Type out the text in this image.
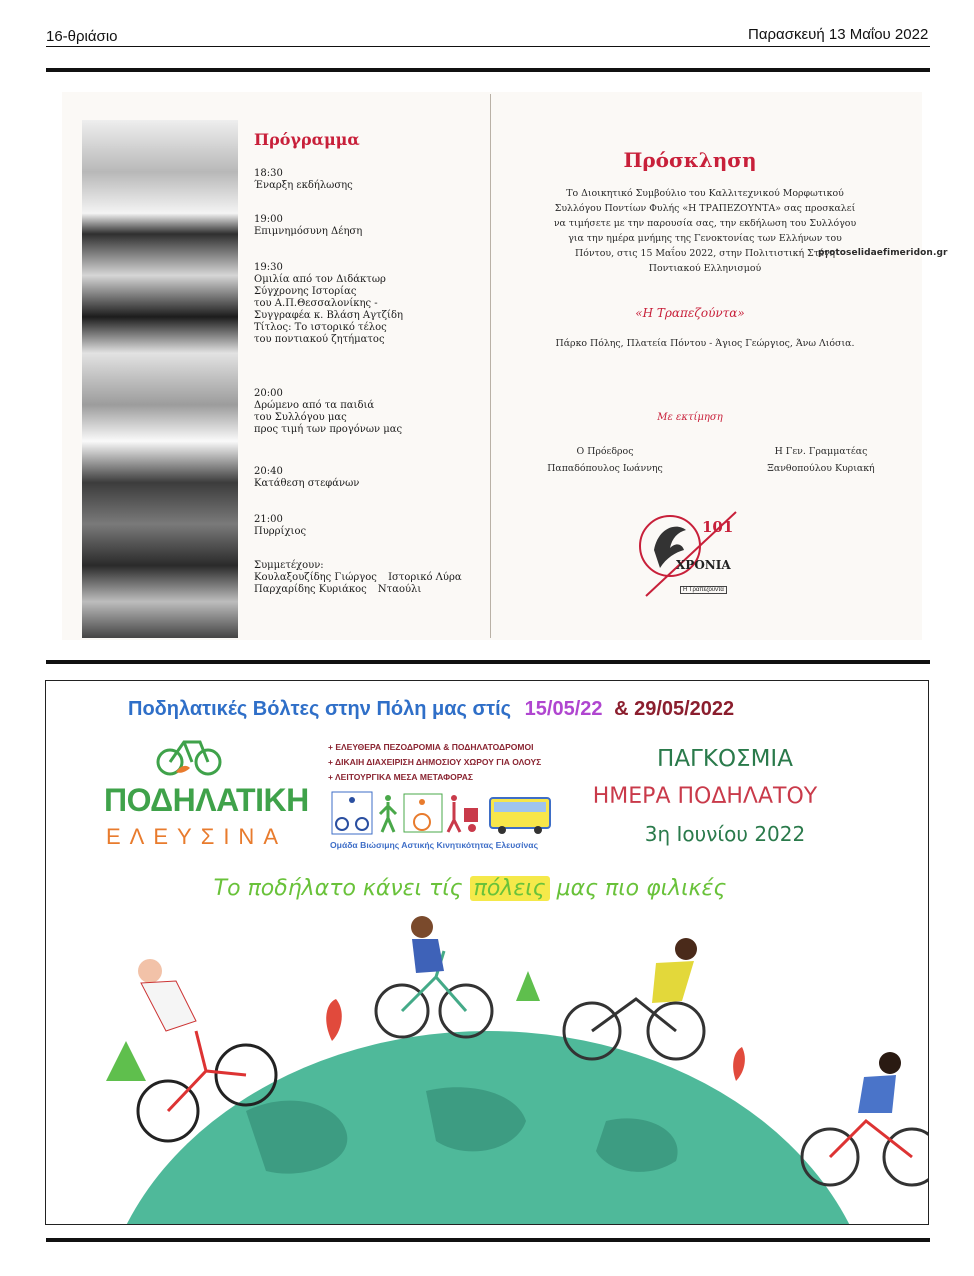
16-θριάσιο	Παρασκευή 13 Μαΐου 2022
Πρόγραμμα
18:30
Έναρξη εκδήλωσης
19:00
Επιμνημόσυνη Δέηση
19:30
Ομιλία από τον Διδάκτωρ
Σύγχρονης Ιστορίας
του Α.Π.Θεσσαλονίκης -
Συγγραφέα κ. Βλάση Αγτζίδη
Τίτλος: Το ιστορικό τέλος
του ποντιακού ζητήματος
20:00
Δρώμενο από τα παιδιά
του Συλλόγου μας
προς τιμή των προγόνων μας
20:40
Κατάθεση στεφάνων
21:00
Πυρρίχιος
Συμμετέχουν:
Κουλαξουζίδης Γιώργος Ιστορικό Λύρα
Παρχαρίδης Κυριάκος Νταούλι
Πρόσκληση
Το Διοικητικό Συμβούλιο του Καλλιτεχνικού Μορφωτικού
Συλλόγου Ποντίων Φυλής «Η ΤΡΑΠΕΖΟΥΝΤΑ» σας προσκαλεί
να τιμήσετε με την παρουσία σας, την εκδήλωση του Συλλόγου
για την ημέρα μνήμης της Γενοκτονίας των Ελλήνων του
Πόντου, στις 15 Μαΐου 2022, στην Πολιτιστική Στέγη
Ποντιακού Ελληνισμού
protoselidaefimeridon.gr
«Η Τραπεζούντα»
Πάρκο Πόλης, Πλατεία Πόντου - Άγιος Γεώργιος, Άνω Λιόσια.
Με εκτίμηση
Ο Πρόεδρος
Παπαδόπουλος Ιωάννης
Η Γεν. Γραμματέας
Ξανθοπούλου Κυριακή
101
ΧΡΟΝΙΑ
Η Τραπεζούντα
Ποδηλατικές Βόλτες στην Πόλη μας στίς 15/05/22 & 29/05/2022
ΠΟΔΗΛΑΤΙΚΗ
ΕΛΕΥΣΙΝΑ
+ ΕΛΕΥΘΕΡΑ ΠΕΖΟΔΡΟΜΙΑ & ΠΟΔΗΛΑΤΟΔΡΟΜΟΙ
+ ΔΙΚΑΙΗ ΔΙΑΧΕΙΡΙΣΗ ΔΗΜΟΣΙΟΥ ΧΩΡΟΥ ΓΙΑ ΟΛΟΥΣ
+ ΛΕΙΤΟΥΡΓΙΚΑ ΜΕΣΑ ΜΕΤΑΦΟΡΑΣ
Ομάδα Βιώσιμης Αστικής Κινητικότητας Ελευσίνας
ΠΑΓΚΟΣΜΙΑ
ΗΜΕΡΑ ΠΟΔΗΛΑΤΟΥ
3η Ιουνίου 2022
Το ποδήλατο κάνει τίς πόλεις μας πιο φιλικές
